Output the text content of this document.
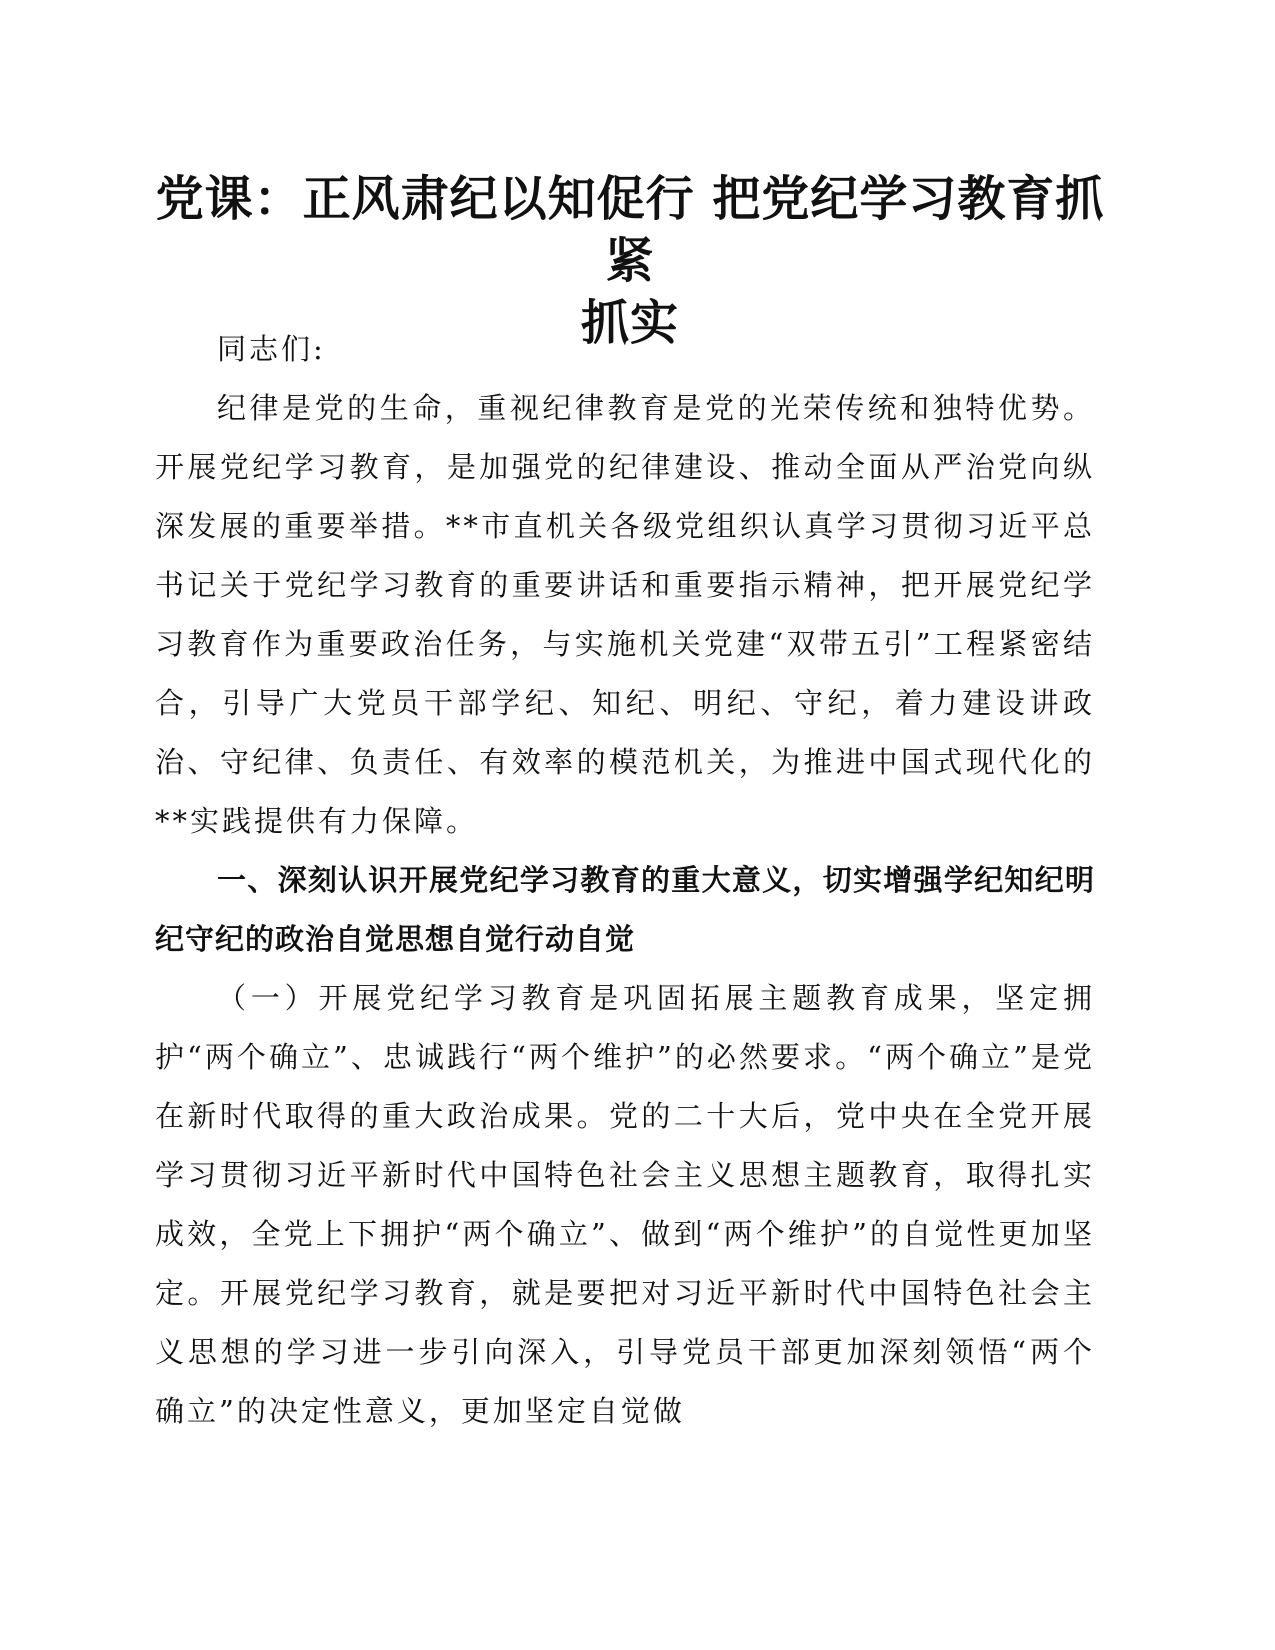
党课：正风肃纪以知促行 把党纪学习教育抓紧
抓实

同志们:

纪律是党的生命，重视纪律教育是党的光荣传统和独特优势。开展党纪学习教育，是加强党的纪律建设、推动全面从严治党向纵深发展的重要举措。**市直机关各级党组织认真学习贯彻习近平总书记关于党纪学习教育的重要讲话和重要指示精神，把开展党纪学习教育作为重要政治任务，与实施机关党建“双带五引”工程紧密结合，引导广大党员干部学纪、知纪、明纪、守纪，着力建设讲政治、守纪律、负责任、有效率的模范机关，为推进中国式现代化的**实践提供有力保障。

一、深刻认识开展党纪学习教育的重大意义，切实增强学纪知纪明纪守纪的政治自觉思想自觉行动自觉

（一）开展党纪学习教育是巩固拓展主题教育成果，坚定拥护“两个确立”、忠诚践行“两个维护”的必然要求。“两个确立”是党在新时代取得的重大政治成果。党的二十大后，党中央在全党开展学习贯彻习近平新时代中国特色社会主义思想主题教育，取得扎实成效，全党上下拥护“两个确立”、做到“两个维护”的自觉性更加坚定。开展党纪学习教育，就是要把对习近平新时代中国特色社会主义思想的学习进一步引向深入，引导党员干部更加深刻领悟“两个确立”的决定性意义，更加坚定自觉做
